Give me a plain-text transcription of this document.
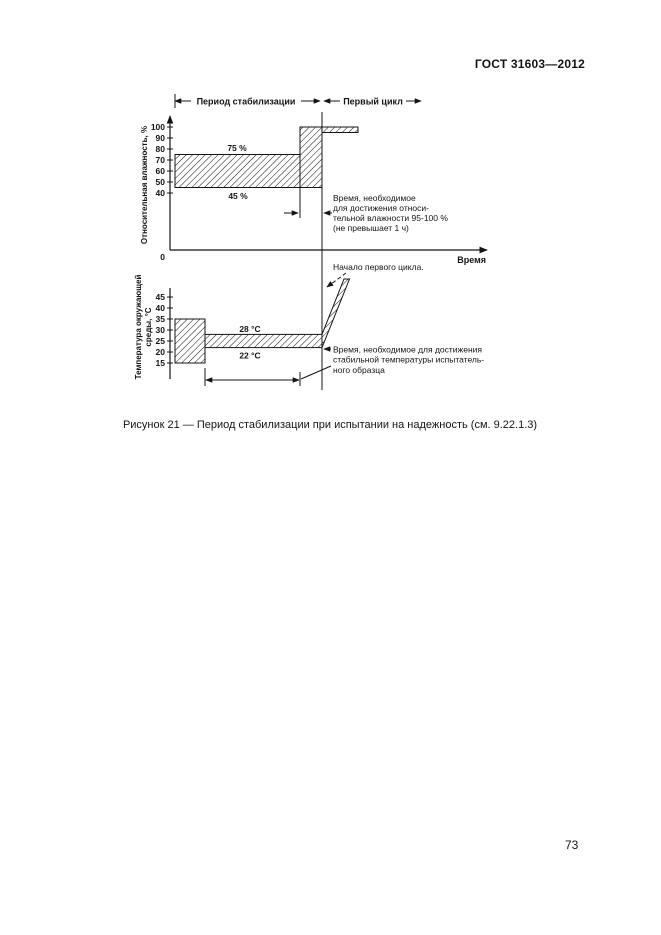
ГОСТ 31603—2012
100
90
80
70
60
50
40
Относительная влажность, %
0	Время
Период стабилизации	Первый цикл
75 %
45 %	Время, необходимое
для достижения относи-
тельной влажности 95-100 %
(не превышает 1 ч)
45
40
35
30
25
20
15
Температура окружающей среды, °С	28 °С
22 °С
Начало первого цикла.
Время, необходимое для достижения
стабильной температуры испытатель-
ного образца
Рисунок 21 — Период стабилизации при испытании на надежность (см. 9.22.1.3)
73
